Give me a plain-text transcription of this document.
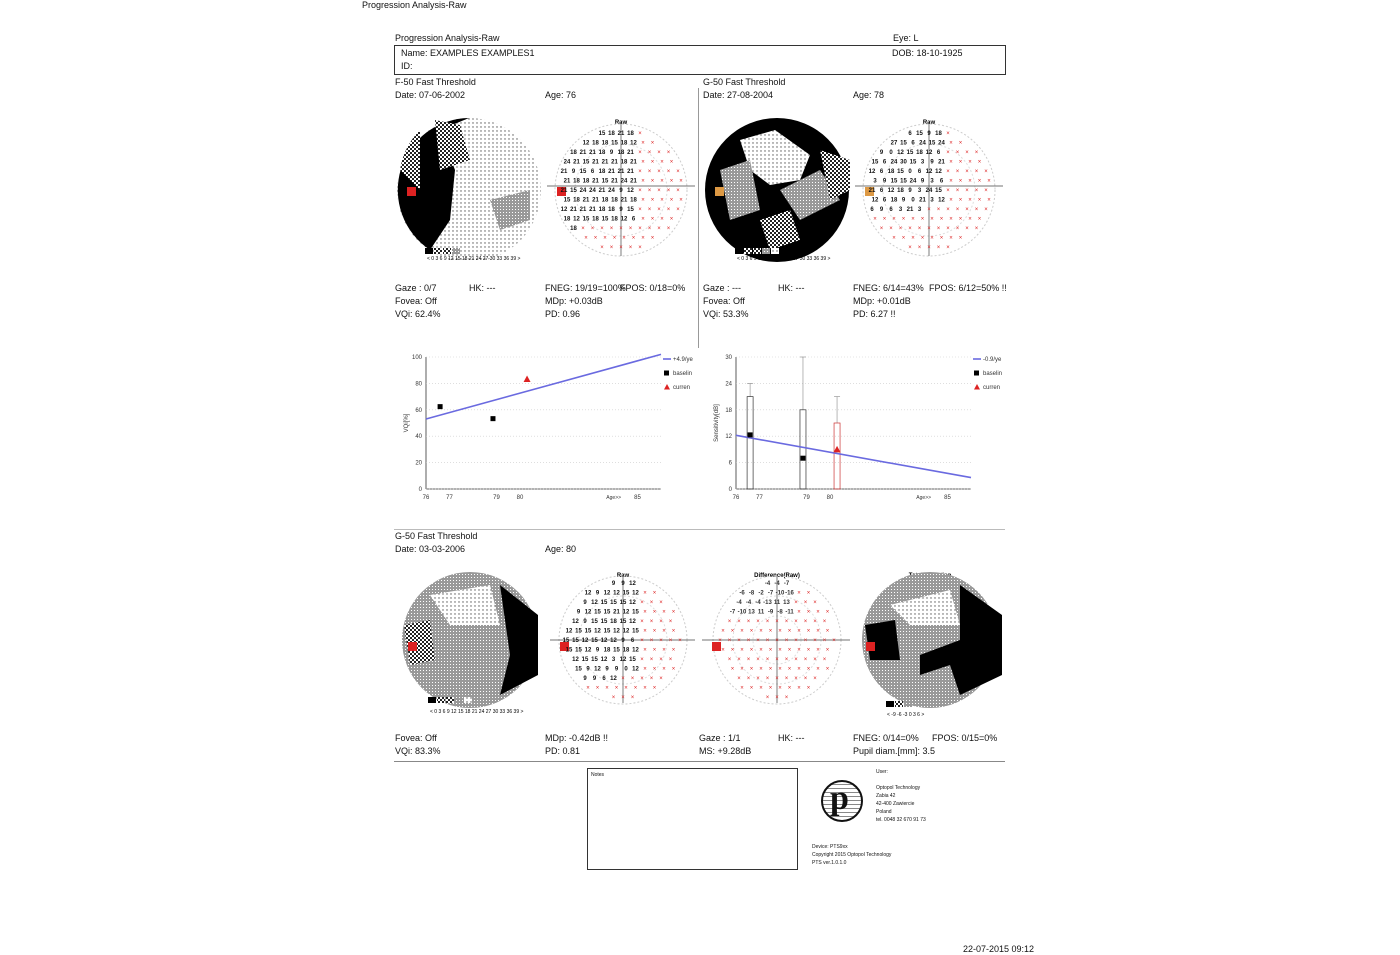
Progression Analysis-Raw
Progression Analysis-Raw	Eye: L
Name: EXAMPLES EXAMPLES1
ID:
DOB: 18-10-1925
F-50 Fast Threshold
Date: 07-06-2002	Age: 76
G-50 Fast Threshold
Date: 27-08-2004	Age: 78
< 0 3 6 9 12 15 18 21 24 27 30 33 36 39 >
Raw
15 18 21 18 ×
12 18 18 15 18 12 × ×
18 21 21 18 9 18 21 × × × ×
24 21 15 21 21 21 18 21 × × × ×
21 9 15 6 18 21 21 21 × × × × ×
21 18 18 21 15 21 24 21 × × × × ×
21 15 24 24 21 24 9 12 × × × × ×
15 18 21 21 18 18 21 18 × × × × ×
12 21 21 21 18 18 9 15 × × × × ×
18 12 15 18 15 18 12 6 × × × ×
18 × × × × × × × × × ×
× × × × × × × ×
× × × × ×
< 0 3 6 9 12 15 18 21 24 27 30 33 36 39 >
Raw
6 15 9 18 ×
27 15 6 24 15 24 × ×
9 0 12 15 18 12 6 × × × ×
15 6 24 30 15 3 9 21 × × × ×
12 6 18 15 0 6 12 12 × × × × ×
3 9 15 15 24 9 3 6 × × × × ×
21 6 12 18 9 3 24 15 × × × × ×
12 6 18 9 0 21 3 12 × × × × ×
6 9 6 3 21 3 × × × × × × ×
× × × × × × × × × × × ×
× × × × × × × × × × ×
× × × × × × × ×
× × × × ×
Gaze : 0/7	HK: ---	FNEG: 19/19=100%
FPOS: 0/18=0%
Fovea: Off	MDp: +0.03dB
VQi: 62.4%	PD: 0.96
Gaze : ---	HK: ---	FNEG: 6/14=43% FPOS: 6/12=50% !!
Fovea: Off	MDp: +0.01dB
VQi: 53.3%	PD: 6.27 !!
0
20
40
60
80
100
76	77	79	80	85
Age>>
VQi[%]
+4.9/ye
baselin
curren
0
6
12
18
24
30
76	77	79	80	85
Age>>
Sensitivity[dB]
-0.9/ye
baselin
curren
G-50 Fast Threshold
Date: 03-03-2006	Age: 80
< 0 3 6 9 12 15 18 21 24 27 30 33 36 39 >
Raw
9 9 12
12 9 12 12 15 12 × ×
9 12 15 15 15 12 × × ×
9 12 15 15 21 12 15 × × × ×
12 9 15 15 18 15 12 × × × ×
12 15 15 12 15 12 12 15 × × × ×
15 15 12 15 12 12 9 6 × × × × ×
15 15 12 9 18 15 18 12 × × × ×
12 15 15 12 3 12 15 × × × ×
15 9 12 9 9 0 12 × × × ×
9 9 6 12 × × × × ×
× × × × × × × ×
× × ×
Difference(Raw)
-4 -4 -7
-6 -8 -2 -7 -10 -16 × ×
-4 -4 -4 -13 11 13 × × ×
-7 -10 13 11 -9 -8 -11 × × × ×
× × × × × × × × × × ×
× × × × × × × × × × × ×
× × × × × × × × × × × × ×
× × × × × × × × × × × ×
× × × × × × × × × × ×
× × × × × × × × × × ×
× × × × × × × × ×
× × × × × × × ×
× × ×
< -9 -6 -3 0 3 6 >
Fovea: Off	MDp: -0.42dB !!	Gaze : 1/1	HK: ---	FNEG: 0/14=0% FPOS: 0/15=0%
VQi: 83.3%	PD: 0.81	MS: +9.28dB	Pupil diam.[mm]: 3.5
Notes
p
User:
Optopol Technology
Zabia 42
42-400 Zawiercie
Poland
tel. 0048 32 670 91 73
Device: PTS9xx
Copyright 2015 Optopol Technology
PTS ver.1.0.1.0
22-07-2015 09:12
